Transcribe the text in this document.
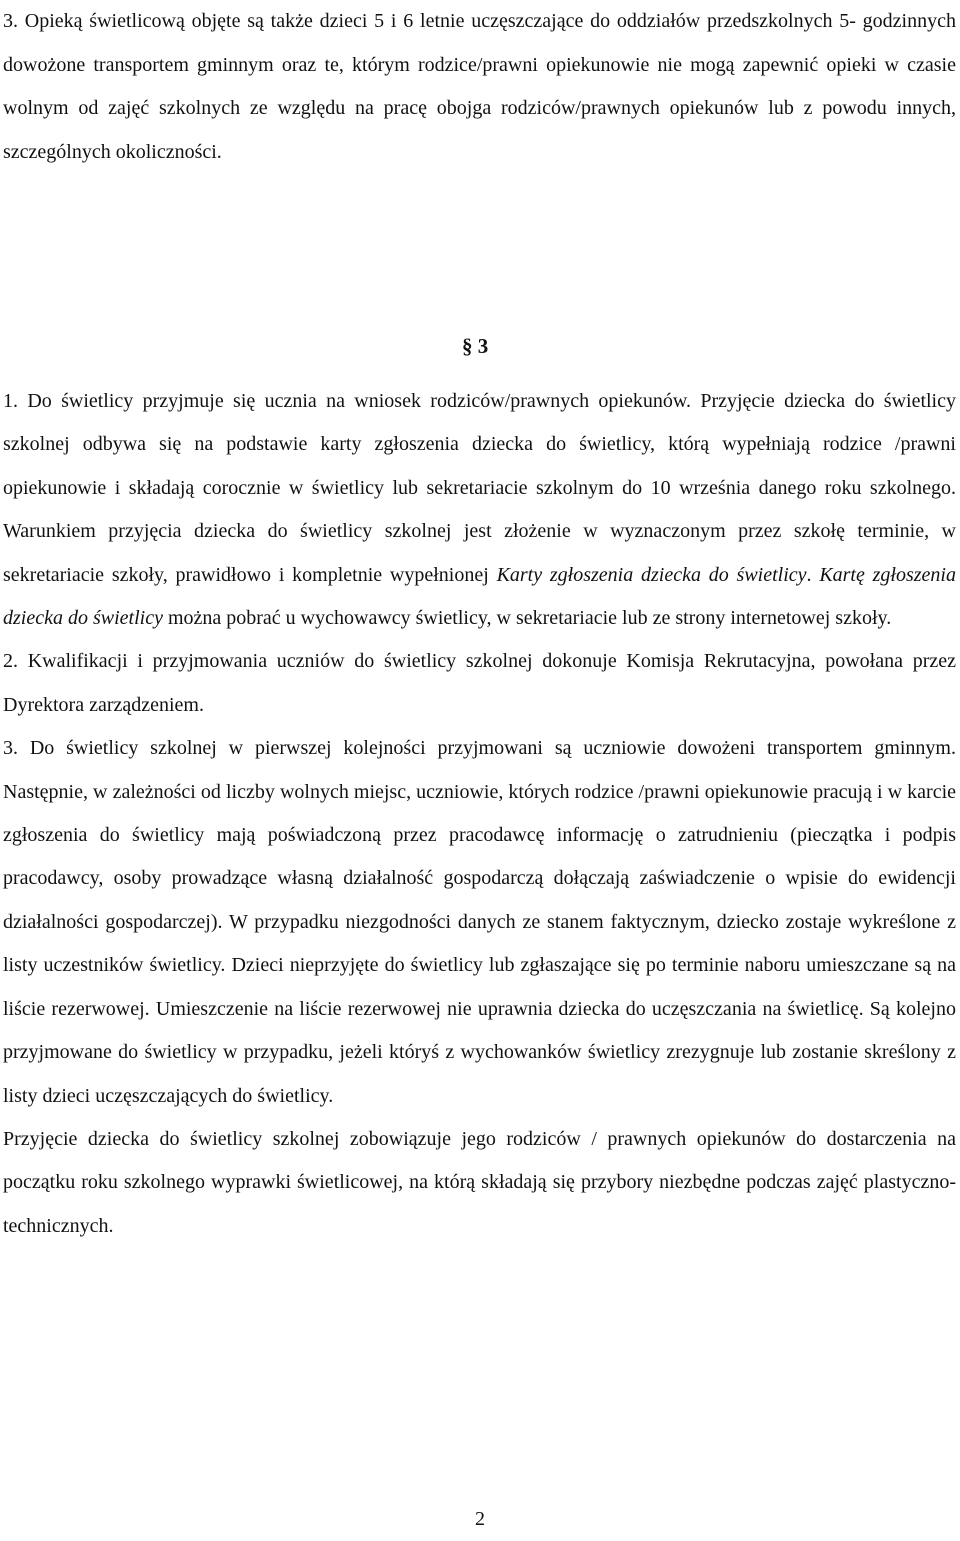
3. Opieką świetlicową objęte są także dzieci 5 i 6 letnie uczęszczające do oddziałów przedszkolnych 5- godzinnych dowożone transportem gminnym oraz te, którym rodzice/prawni opiekunowie nie mogą zapewnić opieki w czasie wolnym od zajęć szkolnych ze względu na pracę obojga rodziców/prawnych opiekunów lub z powodu innych, szczególnych okoliczności.

§ 3

1. Do świetlicy przyjmuje się ucznia na wniosek rodziców/prawnych opiekunów. Przyjęcie dziecka do świetlicy szkolnej odbywa się na podstawie karty zgłoszenia dziecka do świetlicy, którą wypełniają rodzice /prawni opiekunowie i składają corocznie w świetlicy lub sekretariacie szkolnym do 10 września danego roku szkolnego. Warunkiem przyjęcia dziecka do świetlicy szkolnej jest złożenie w wyznaczonym przez szkołę terminie, w sekretariacie szkoły, prawidłowo i kompletnie wypełnionej Karty zgłoszenia dziecka do świetlicy. Kartę zgłoszenia dziecka do świetlicy można pobrać u wychowawcy świetlicy, w sekretariacie lub ze strony internetowej szkoły.

2. Kwalifikacji i przyjmowania uczniów do świetlicy szkolnej dokonuje Komisja Rekrutacyjna, powołana przez Dyrektora zarządzeniem.

3. Do świetlicy szkolnej w pierwszej kolejności przyjmowani są uczniowie dowożeni transportem gminnym. Następnie, w zależności od liczby wolnych miejsc, uczniowie, których rodzice /prawni opiekunowie pracują i w karcie zgłoszenia do świetlicy mają poświadczoną przez pracodawcę informację o zatrudnieniu (pieczątka i podpis pracodawcy, osoby prowadzące własną działalność gospodarczą dołączają zaświadczenie o wpisie do ewidencji działalności gospodarczej). W przypadku niezgodności danych ze stanem faktycznym, dziecko zostaje wykreślone z listy uczestników świetlicy. Dzieci nieprzyjęte do świetlicy lub zgłaszające się po terminie naboru umieszczane są na liście rezerwowej. Umieszczenie na liście rezerwowej nie uprawnia dziecka do uczęszczania na świetlicę. Są kolejno przyjmowane do świetlicy w przypadku, jeżeli któryś z wychowanków świetlicy zrezygnuje lub zostanie skreślony z listy dzieci uczęszczających do świetlicy.

Przyjęcie dziecka do świetlicy szkolnej zobowiązuje jego rodziców / prawnych opiekunów do dostarczenia na początku roku szkolnego wyprawki świetlicowej, na którą składają się przybory niezbędne podczas zajęć plastyczno-technicznych.

2
